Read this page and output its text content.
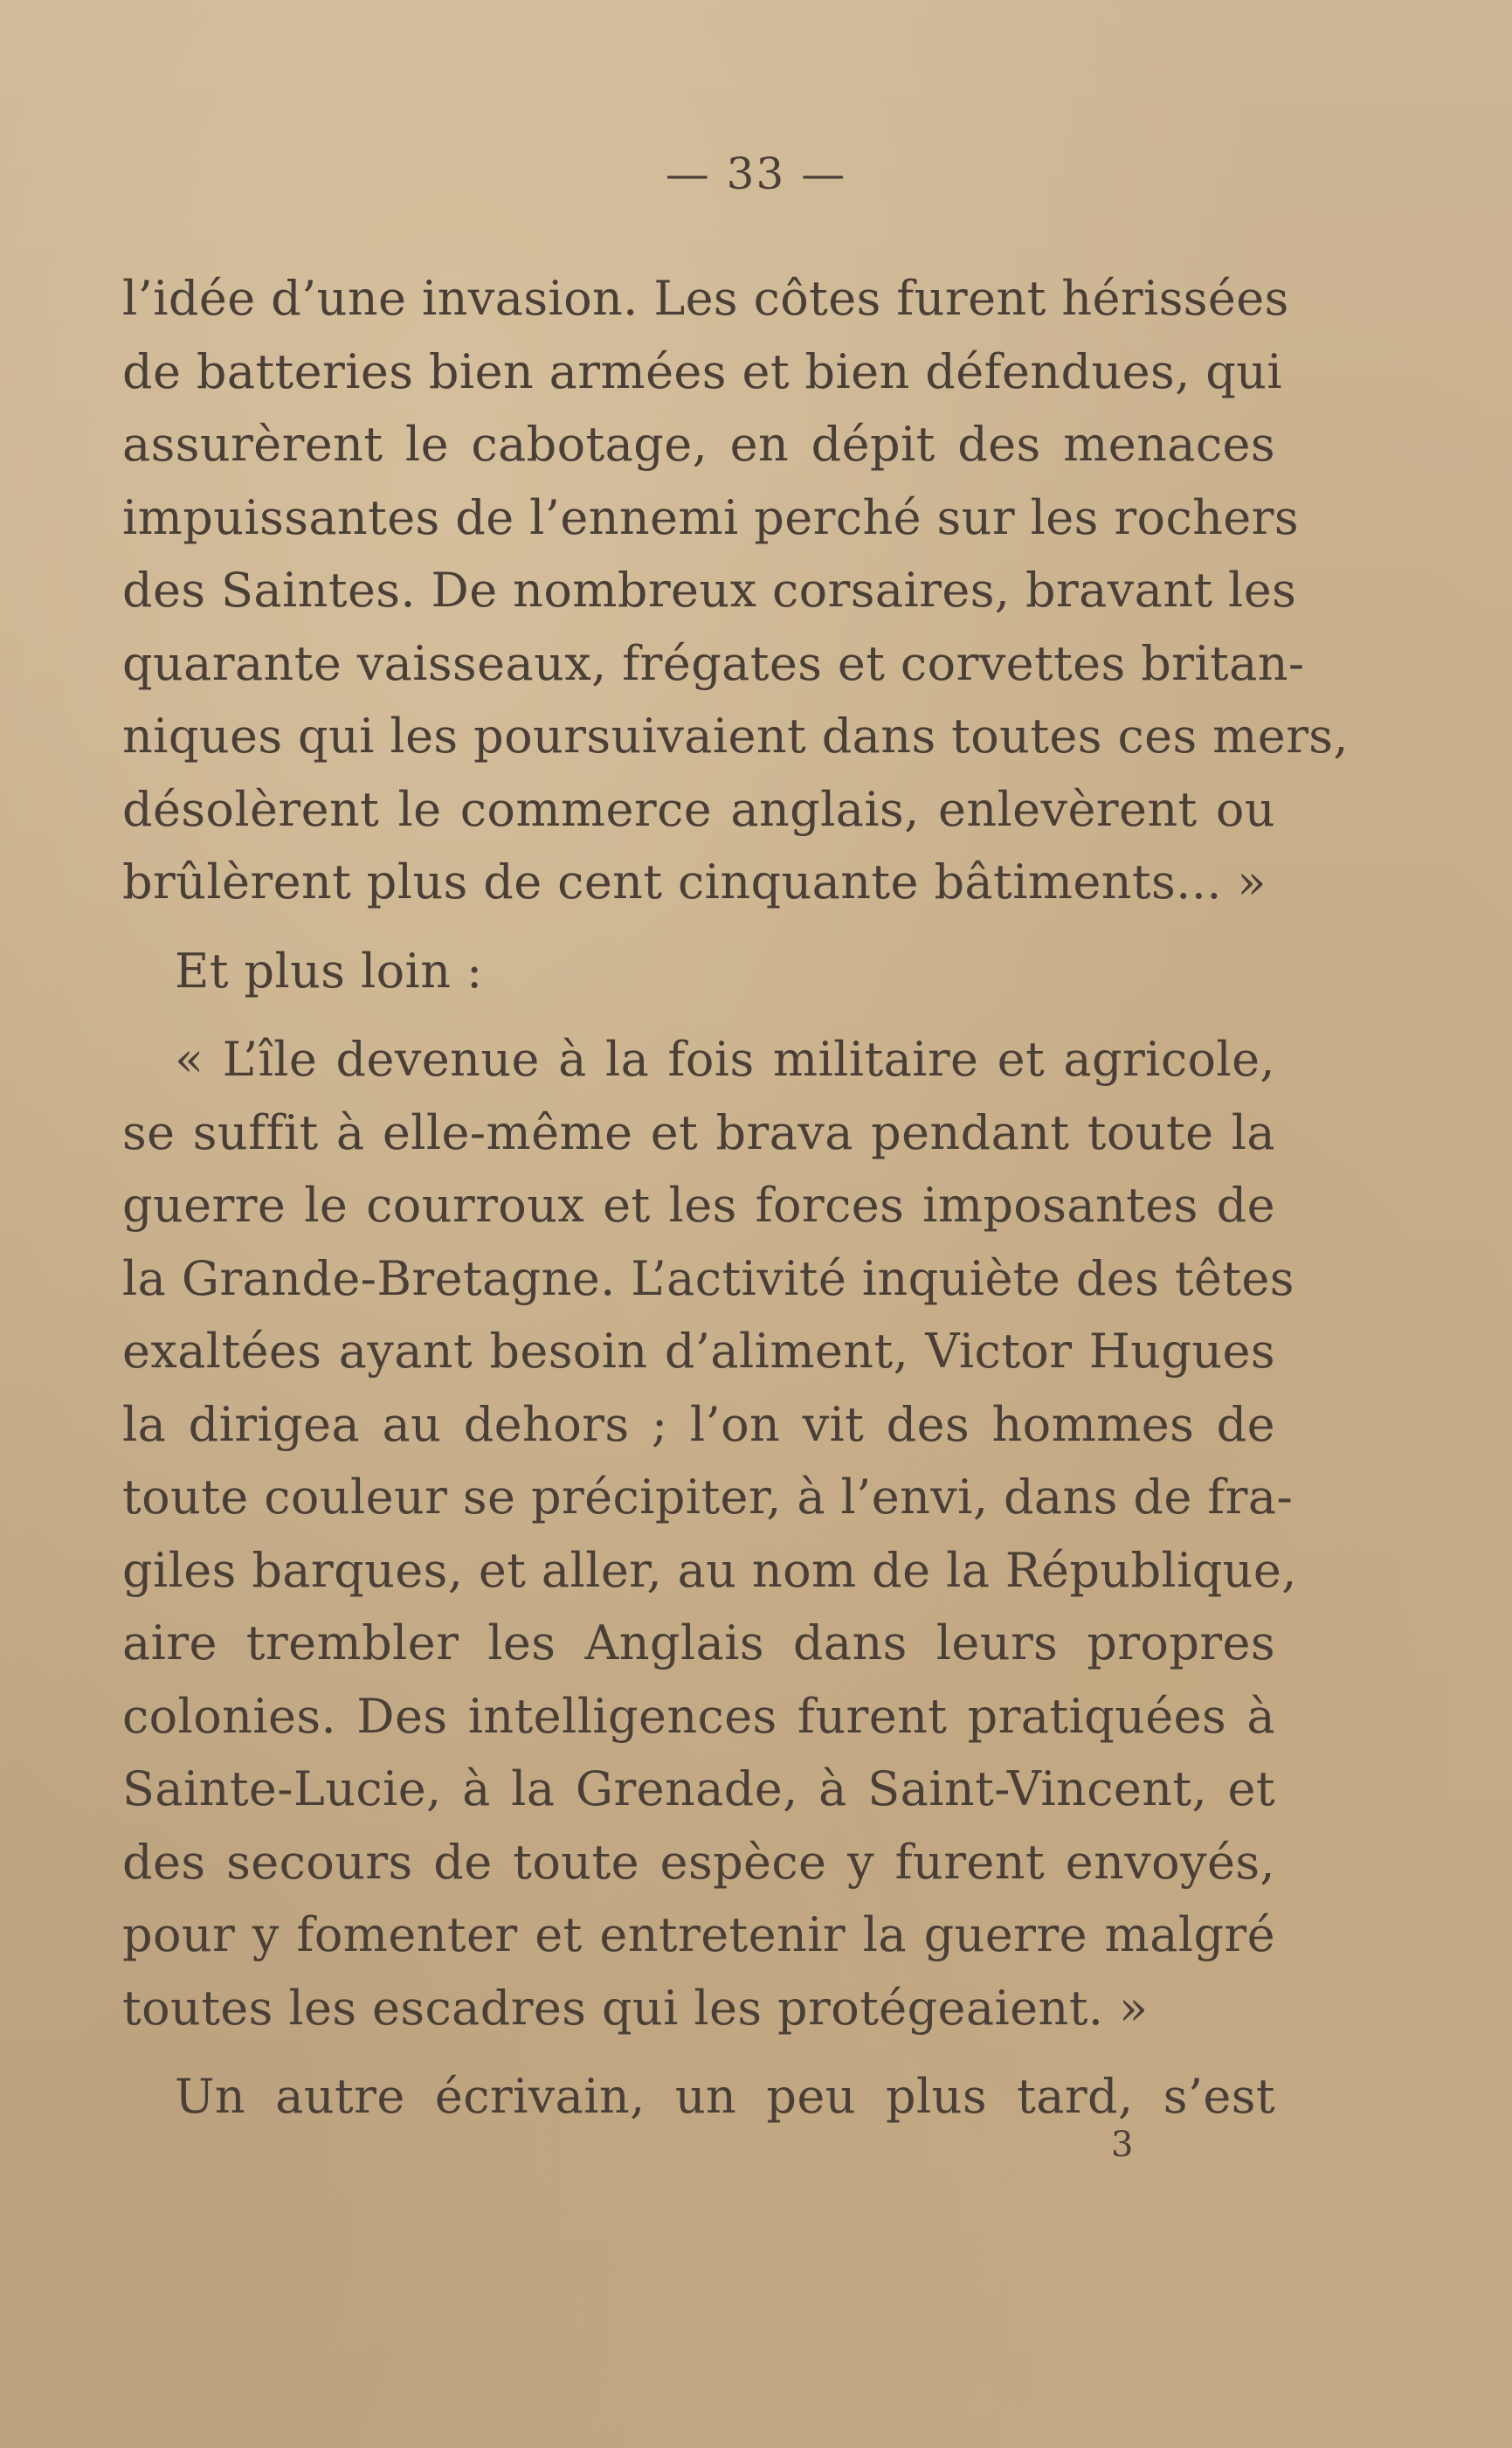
— 33 —
l’idée d’une invasion. Les côtes furent hérissées
de batteries bien armées et bien défendues, qui
assurèrent le cabotage, en dépit des menaces
impuissantes de l’ennemi perché sur les rochers
des Saintes. De nombreux corsaires, bravant les
quarante vaisseaux, frégates et corvettes britan-
niques qui les poursuivaient dans toutes ces mers,
désolèrent le commerce anglais, enlevèrent ou
brûlèrent plus de cent cinquante bâtiments... »
Et plus loin :
« L’île devenue à la fois militaire et agricole,
se suffit à elle-même et brava pendant toute la
guerre le courroux et les forces imposantes de
la Grande-Bretagne. L’activité inquiète des têtes
exaltées ayant besoin d’aliment, Victor Hugues
la dirigea au dehors ; l’on vit des hommes de
toute couleur se précipiter, à l’envi, dans de fra-
giles barques, et aller, au nom de la République,
aire trembler les Anglais dans leurs propres
colonies. Des intelligences furent pratiquées à
Sainte-Lucie, à la Grenade, à Saint-Vincent, et
des secours de toute espèce y furent envoyés,
pour y fomenter et entretenir la guerre malgré
toutes les escadres qui les protégeaient. »
Un autre écrivain, un peu plus tard, s’est
3
